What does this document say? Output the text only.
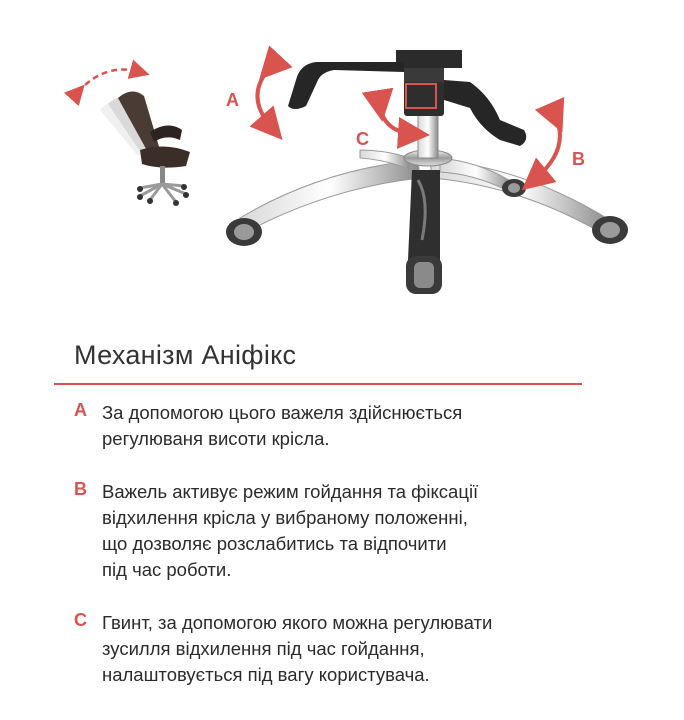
A
B
C
Механізм Аніфікс
A За допомогою цього важеля здійснюється
регулюваня висоти крісла.
B Важель активує режим гойдання та фіксації
відхилення крісла у вибраному положенні,
що дозволяє розслабитись та відпочити
під час роботи.
C Гвинт, за допомогою якого можна регулювати
зусилля відхилення під час гойдання,
налаштовується під вагу користувача.
